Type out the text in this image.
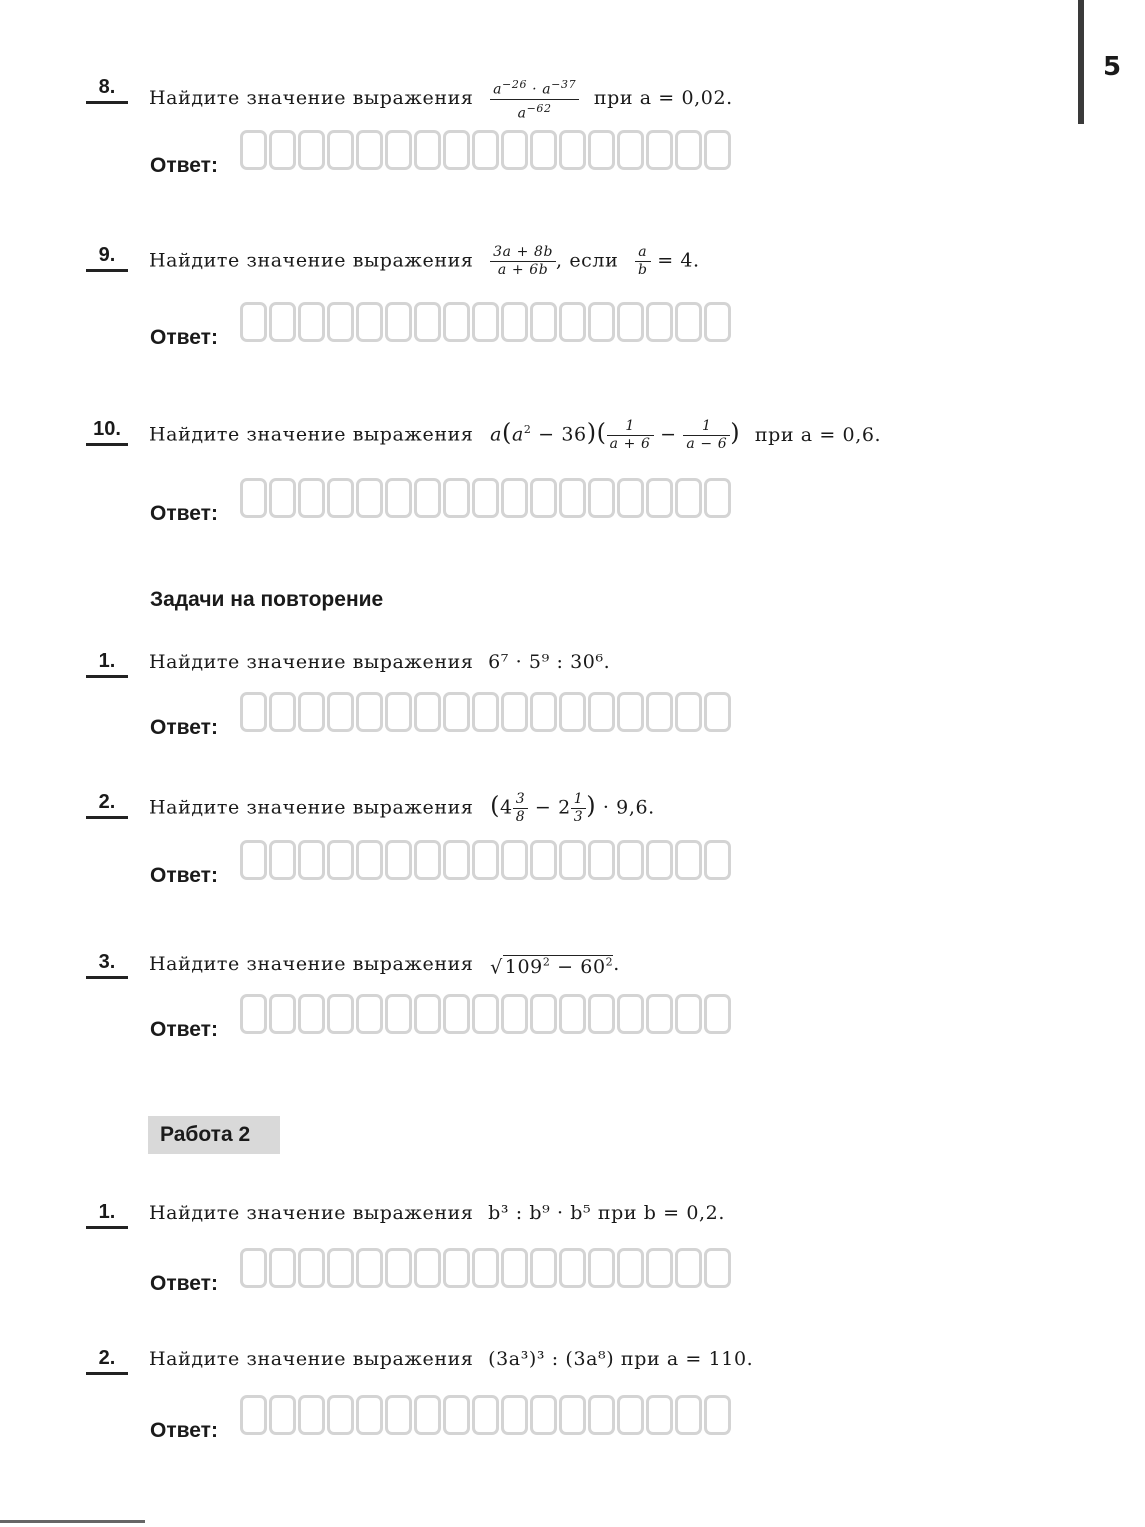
5
8.
Найдите значение выражения $\frac{a^{-26} \cdot a^{-37}}{a^{-62}}$ при a = 0,02.
Ответ:
9.	Найдите значение выражения $\frac{3a + 8b}{a + 6b}$ , если $\frac{a}{b} = 4$.
Ответ:
10.	Найдите значение выражения $a(a^2 - 36)( \frac{1}{a + 6} - \frac{1}{a - 6}$ ) при a = 0,6.
Ответ:
Задачи на повторение
1.	Найдите значение выражения 6⁷ · 5⁹ : 30⁶.
Ответ:
2.	Найдите значение выражения ($4 \frac{3}{8} - 2 \frac{1}{3}$ ) · 9,6.
Ответ:
3.	Найдите значение выражения √ $109^2 - 60^2$.
Ответ:
Работа 2
1.	Найдите значение выражения b³ : b⁹ · b⁵ при b = 0,2.
Ответ:
2.	Найдите значение выражения (3a³)³ : (3a⁸) при a = 110.
Ответ:
